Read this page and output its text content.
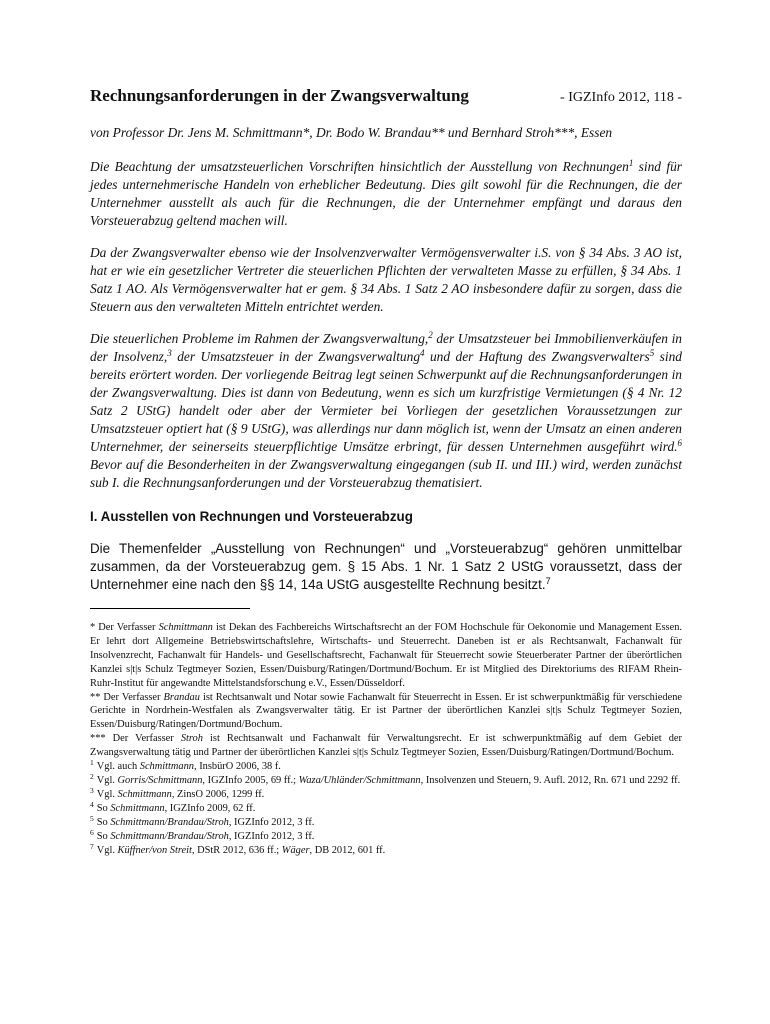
Rechnungsanforderungen in der Zwangsverwaltung	- IGZInfo 2012, 118 -
von Professor Dr. Jens M. Schmittmann*, Dr. Bodo W. Brandau** und Bernhard Stroh***, Essen

Die Beachtung der umsatzsteuerlichen Vorschriften hinsichtlich der Ausstellung von Rechnungen$^1$ sind für jedes unternehmerische Handeln von erheblicher Bedeutung. Dies gilt sowohl für die Rechnungen, die der Unternehmer ausstellt als auch für die Rechnungen, die der Unternehmer empfängt und daraus den Vorsteuerabzug geltend machen will.

Da der Zwangsverwalter ebenso wie der Insolvenzverwalter Vermögensverwalter i.S. von § 34 Abs. 3 AO ist, hat er wie ein gesetzlicher Vertreter die steuerlichen Pflichten der verwalteten Masse zu erfüllen, § 34 Abs. 1 Satz 1 AO. Als Vermögensverwalter hat er gem. § 34 Abs. 1 Satz 2 AO insbesondere dafür zu sorgen, dass die Steuern aus den verwalteten Mitteln entrichtet werden.

Die steuerlichen Probleme im Rahmen der Zwangsverwaltung,$^2$ der Umsatzsteuer bei Immobilienverkäufen in der Insolvenz,$^3$ der Umsatzsteuer in der Zwangsverwaltung$^4$ und der Haftung des Zwangsverwalters$^5$ sind bereits erörtert worden. Der vorliegende Beitrag legt seinen Schwerpunkt auf die Rechnungsanforderungen in der Zwangsverwaltung. Dies ist dann von Bedeutung, wenn es sich um kurzfristige Vermietungen (§ 4 Nr. 12 Satz 2 UStG) handelt oder aber der Vermieter bei Vorliegen der gesetzlichen Voraussetzungen zur Umsatzsteuer optiert hat (§ 9 UStG), was allerdings nur dann möglich ist, wenn der Umsatz an einen anderen Unternehmer, der seinerseits steuerpflichtige Umsätze erbringt, für dessen Unternehmen ausgeführt wird.$^6$ Bevor auf die Besonderheiten in der Zwangsverwaltung eingegangen (sub II. und III.) wird, werden zunächst sub I. die Rechnungsanforderungen und der Vorsteuerabzug thematisiert.

I. Ausstellen von Rechnungen und Vorsteuerabzug
Die Themenfelder „Ausstellung von Rechnungen“ und „Vorsteuerabzug“ gehören unmittelbar zusammen, da der Vorsteuerabzug gem. § 15 Abs. 1 Nr. 1 Satz 2 UStG voraussetzt, dass der Unternehmer eine nach den §§ 14, 14a UStG ausgestellte Rechnung besitzt.$^7$

* Der Verfasser Schmittmann ist Dekan des Fachbereichs Wirtschaftsrecht an der FOM Hochschule für Oekonomie und Management Essen. Er lehrt dort Allgemeine Betriebswirtschaftslehre, Wirtschafts- und Steuerrecht. Daneben ist er als Rechtsanwalt, Fachanwalt für Insolvenzrecht, Fachanwalt für Handels- und Gesellschaftsrecht, Fachanwalt für Steuerrecht sowie Steuerberater Partner der überörtlichen Kanzlei s|t|s Schulz Tegtmeyer Sozien, Essen/Duisburg/Ratingen/Dortmund/Bochum. Er ist Mitglied des Direktoriums des RIFAM Rhein-Ruhr-Institut für angewandte Mittelstandsforschung e.V., Essen/Düsseldorf.

** Der Verfasser Brandau ist Rechtsanwalt und Notar sowie Fachanwalt für Steuerrecht in Essen. Er ist schwerpunktmäßig für verschiedene Gerichte in Nordrhein-Westfalen als Zwangsverwalter tätig. Er ist Partner der überörtlichen Kanzlei s|t|s Schulz Tegtmeyer Sozien, Essen/Duisburg/Ratingen/Dortmund/Bochum.

*** Der Verfasser Stroh ist Rechtsanwalt und Fachanwalt für Verwaltungsrecht. Er ist schwerpunktmäßig auf dem Gebiet der Zwangsverwaltung tätig und Partner der überörtlichen Kanzlei s|t|s Schulz Tegtmeyer Sozien, Essen/Duisburg/Ratingen/Dortmund/Bochum.

$^1$ Vgl. auch Schmittmann, InsbürO 2006, 38 f.

$^2$ Vgl. Gorris/Schmittmann, IGZInfo 2005, 69 ff.; Waza/Uhländer/Schmittmann, Insolvenzen und Steuern, 9. Aufl. 2012, Rn. 671 und 2292 ff.

$^3$ Vgl. Schmittmann, ZinsO 2006, 1299 ff.

$^4$ So Schmittmann, IGZInfo 2009, 62 ff.

$^5$ So Schmittmann/Brandau/Stroh, IGZInfo 2012, 3 ff.

$^6$ So Schmittmann/Brandau/Stroh, IGZInfo 2012, 3 ff.

$^7$ Vgl. Küffner/von Streit, DStR 2012, 636 ff.; Wäger, DB 2012, 601 ff.
